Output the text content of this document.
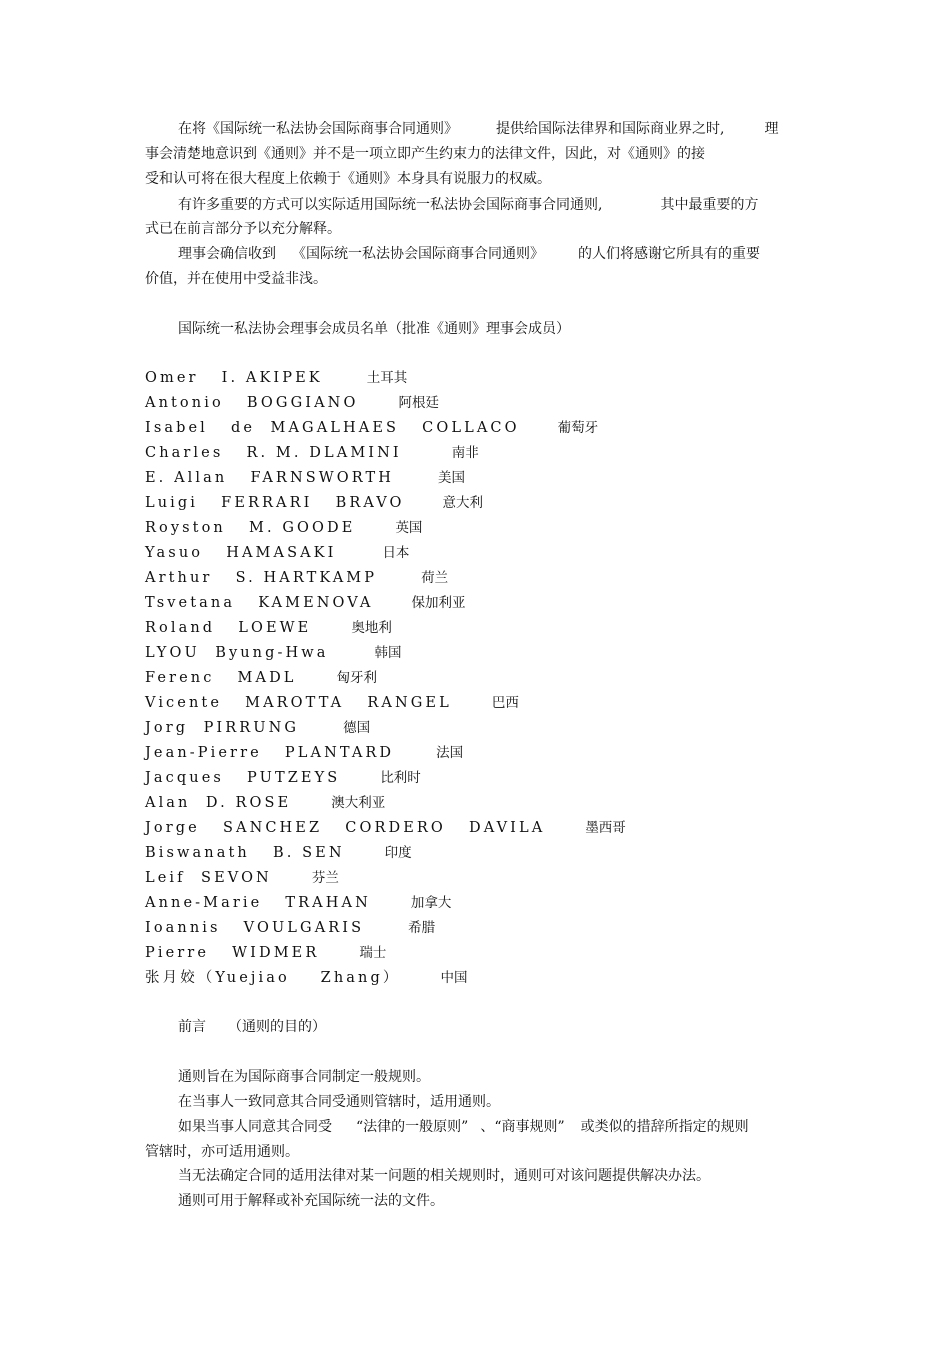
在将《国际统一私法协会国际商事合同通则》	提供给国际法律界和国际商业界之时,	理
事会清楚地意识到《通则》并不是一项立即产生约束力的法律文件，因此，对《通则》的接
受和认可将在很大程度上依赖于《通则》本身具有说服力的权威。
有许多重要的方式可以实际适用国际统一私法协会国际商事合同通则,	其中最重要的方
式已在前言部分予以充分解释。
理事会确信收到 《国际统一私法协会国际商事合同通则》 的人们将感谢它所具有的重要
价值，并在使用中受益非浅。
国际统一私法协会理事会成员名单（批准《通则》理事会成员）
Omer   I. AKIPEK	土耳其
Antonio   BOGGIANO	阿根廷
Isabel   de  MAGALHAES   COLLACO	葡萄牙
Charles   R. M. DLAMINI	南非
E. Allan   FARNSWORTH	美国
Luigi   FERRARI   BRAVO	意大利
Royston   M. GOODE	英国
Yasuo   HAMASAKI	日本
Arthur   S. HARTKAMP	荷兰
Tsvetana   KAMENOVA	保加利亚
Roland   LOEWE	奥地利
LYOU  Byung-Hwa	韩国
Ferenc   MADL	匈牙利
Vicente   MAROTTA   RANGEL	巴西
Jorg  PIRRUNG	德国
Jean-Pierre   PLANTARD	法国
Jacques   PUTZEYS	比利时
Alan  D. ROSE	澳大利亚
Jorge   SANCHEZ   CORDERO   DAVILA	墨西哥
Biswanath   B. SEN	印度
Leif  SEVON	芬兰
Anne-Marie   TRAHAN	加拿大
Ioannis   VOULGARIS	希腊
Pierre   WIDMER	瑞士
张月姣（Yuejiao    Zhang）	中国
前言 （通则的目的）
通则旨在为国际商事合同制定一般规则。
在当事人一致同意其合同受通则管辖时，适用通则。
如果当事人同意其合同受 “法律的一般原则” 、“商事规则” 或类似的措辞所指定的规则
管辖时，亦可适用通则。
当无法确定合同的适用法律对某一问题的相关规则时，通则可对该问题提供解决办法。
通则可用于解释或补充国际统一法的文件。
